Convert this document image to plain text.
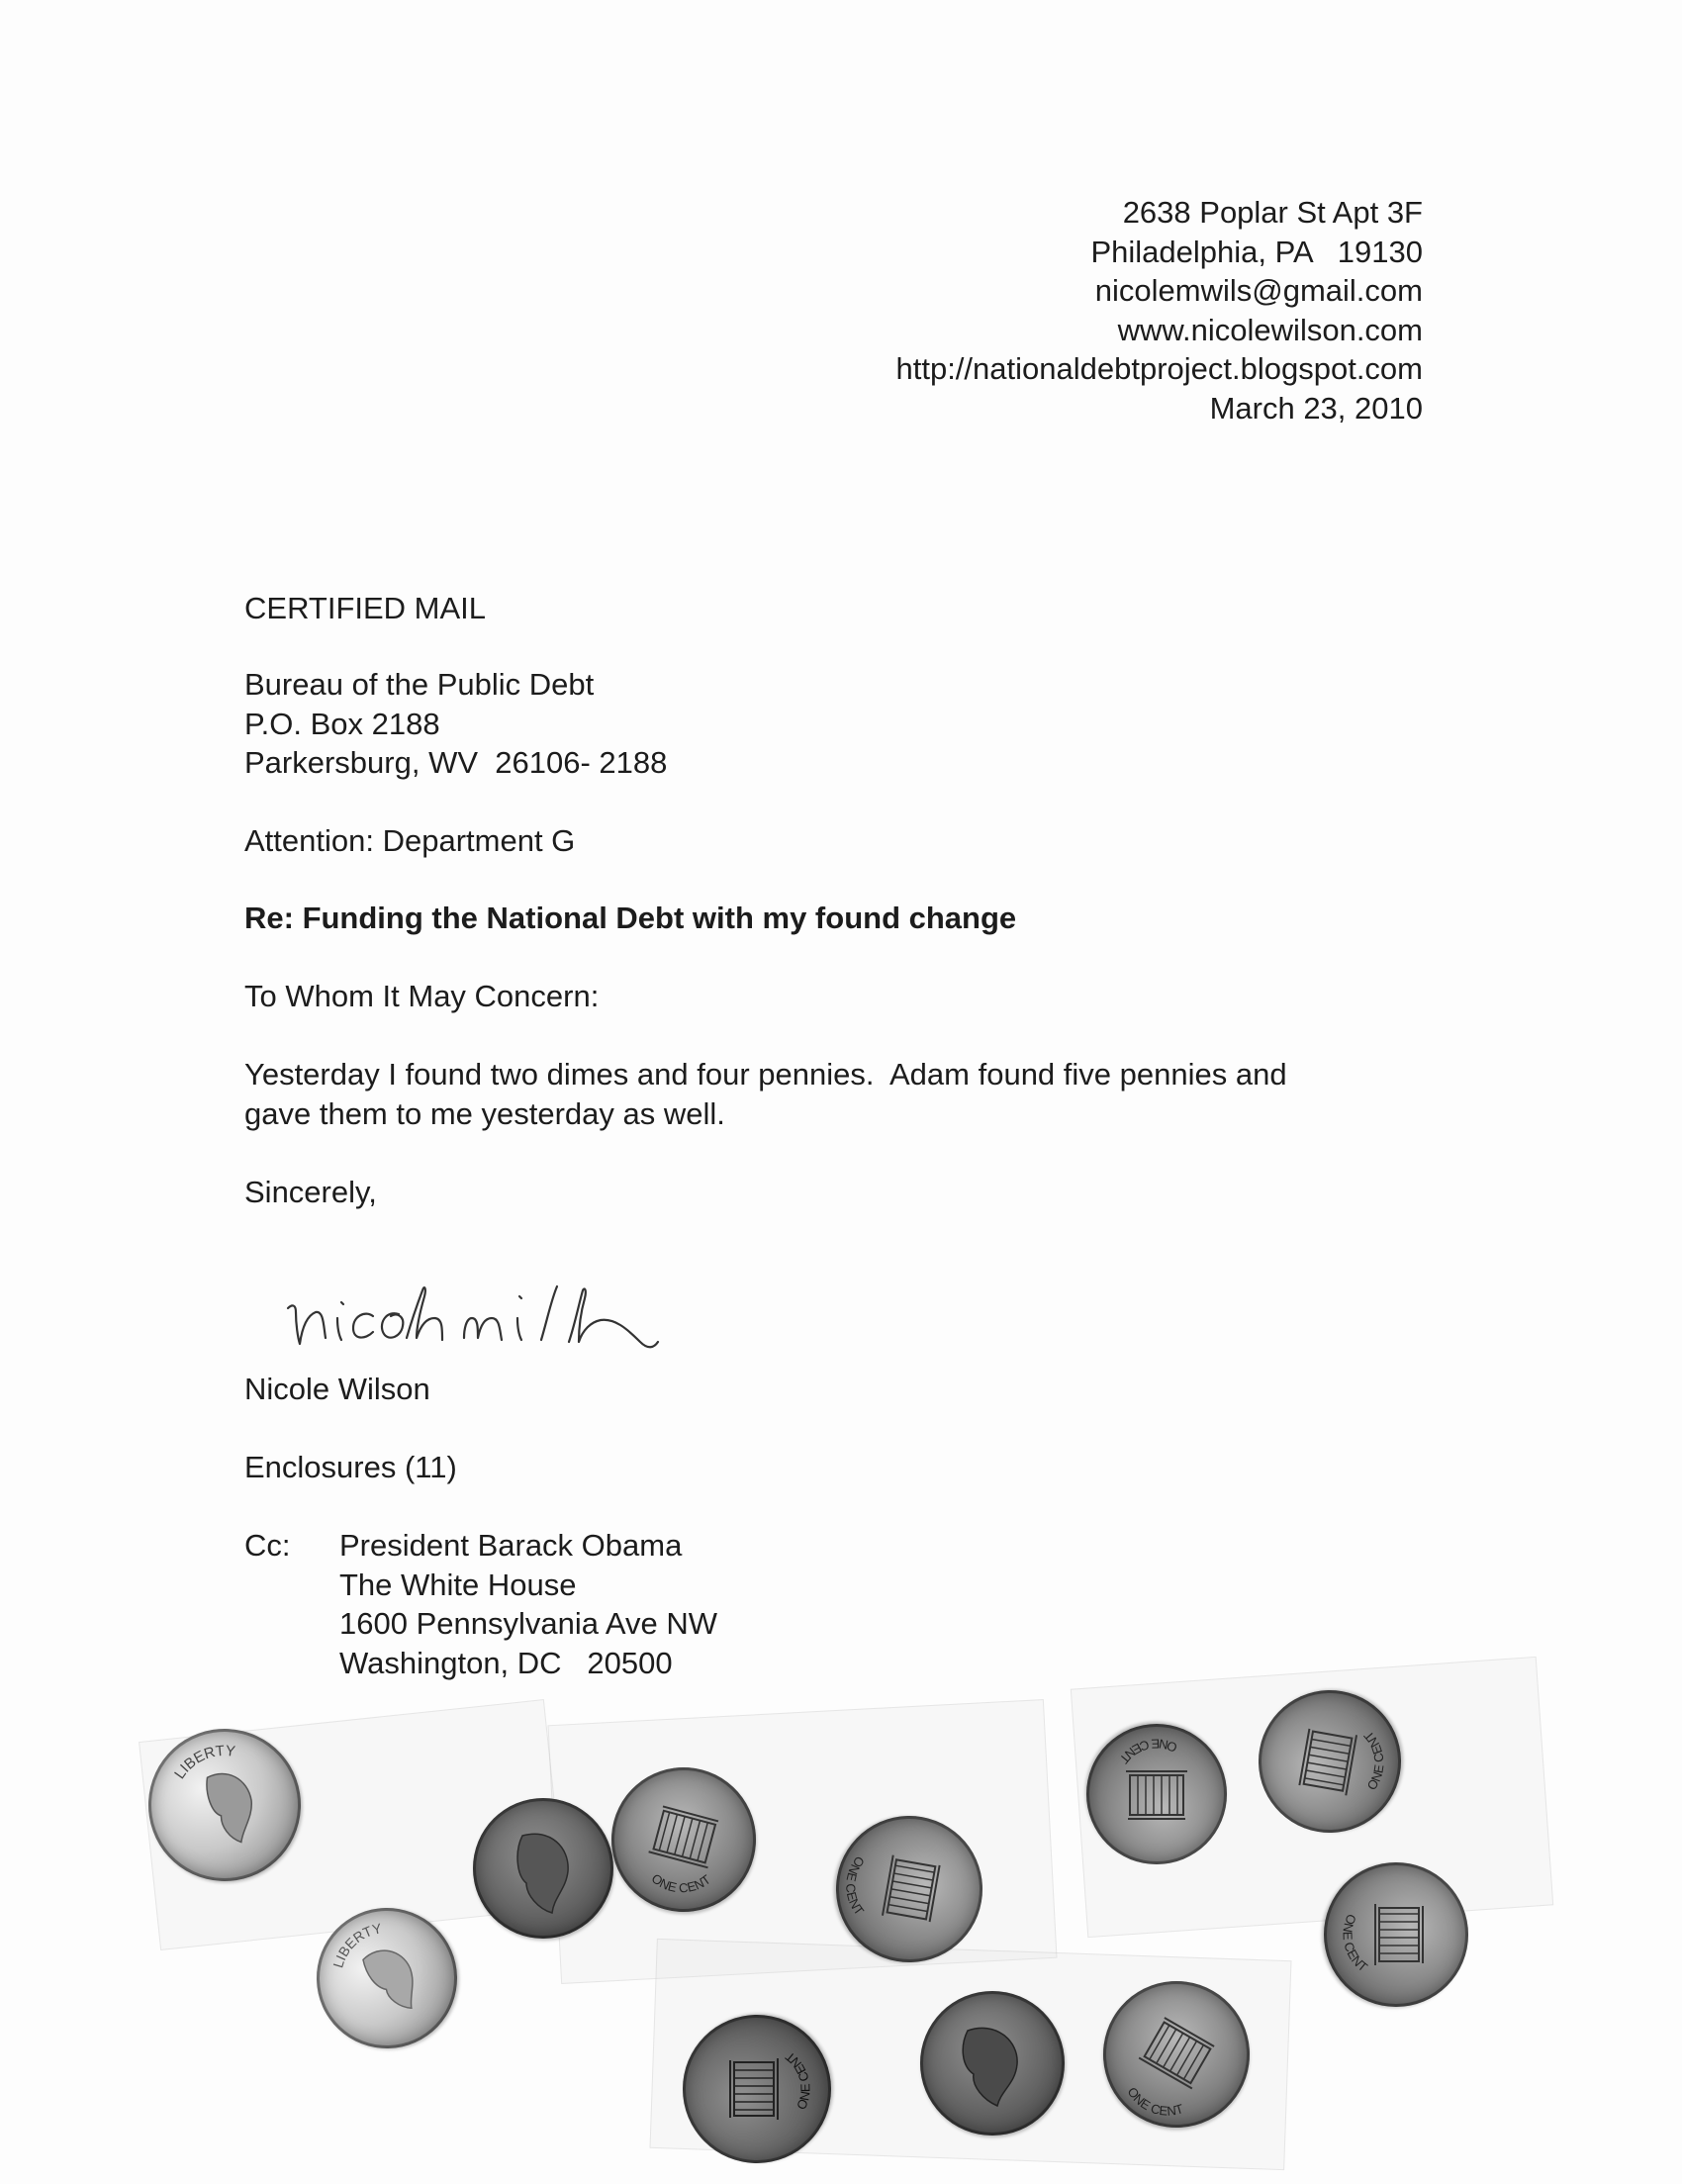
2638 Poplar St Apt 3F
Philadelphia, PA   19130
nicolemwils@gmail.com
www.nicolewilson.com
http://nationaldebtproject.blogspot.com
March 23, 2010
CERTIFIED MAIL
Bureau of the Public Debt
P.O. Box 2188
Parkersburg, WV  26106- 2188
Attention: Department G
Re: Funding the National Debt with my found change
To Whom It May Concern:
Yesterday I found two dimes and four pennies.  Adam found five pennies and
gave them to me yesterday as well.
Sincerely,
Nicole Wilson
Enclosures (11)
Cc: President Barack Obama
The White House
1600 Pennsylvania Ave NW
Washington, DC   20500
LIBERTY
LIBERTY
ONE CENT
ONE CENT
ONE CENT
ONE CENT
ONE CENT
ONE CENT
ONE CENT
